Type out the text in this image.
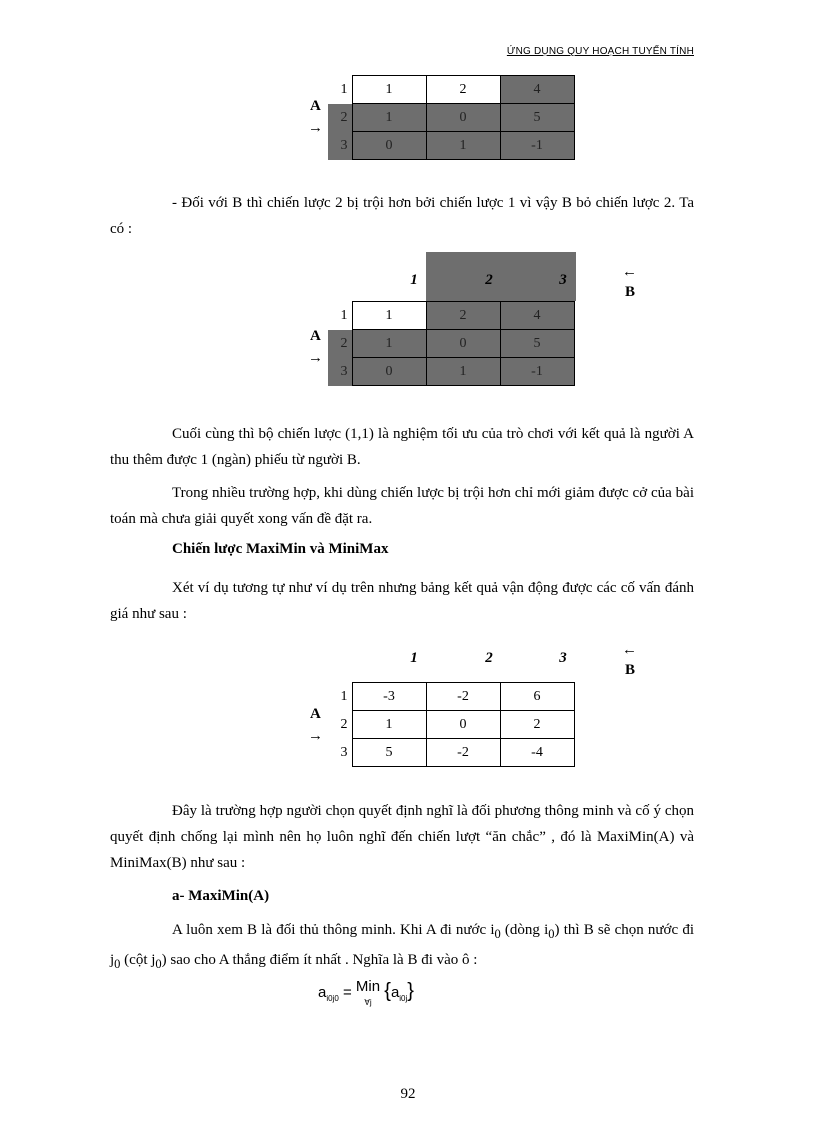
ỨNG DỤNG QUY HOẠCH TUYẾN TÍNH
A
→
1	1	2	4
2	1	0	5
3	0	1	-1
- Đối với B thì chiến lược 2 bị trội hơn bởi chiến lược 1 vì vậy B bỏ chiến lược 2. Ta có :
1	2	3	←
B
A
→
1	1	2	4
2	1	0	5
3	0	1	-1
Cuối cùng thì bộ chiến lược (1,1) là nghiệm tối ưu của trò chơi với kết quả là người A thu thêm được 1 (ngàn) phiếu từ người B.
Trong nhiều trường hợp, khi dùng chiến lược bị trội hơn chỉ mới giảm được cở của bài toán mà chưa giải quyết xong vấn đề đặt ra.
Chiến lược MaxiMin và MiniMax
Xét ví dụ tương tự như ví dụ trên nhưng bảng kết quả vận động được các cố vấn đánh giá như sau :
1	2	3	←
B
A
→
1	-3	-2	6
2	1	0	2
3	5	-2	-4
Đây là trường hợp người chọn quyết định nghĩ là đối phương thông minh và cố ý chọn quyết định chống lại mình nên họ luôn nghĩ đến chiến lượt “ăn chắc” , đó là MaxiMin(A) và MiniMax(B) như sau :
a- MaxiMin(A)
A luôn xem B là đối thủ thông minh. Khi A đi nước $i_0$ (dòng $i_0$) thì B sẽ chọn nước đi $j_0$ (cột $j_0$) sao cho A thắng điểm ít nhất . Nghĩa là B đi vào ô :
$a_{i0j0}$ = Min
∀j $\{a_{i0j}\}$
92
